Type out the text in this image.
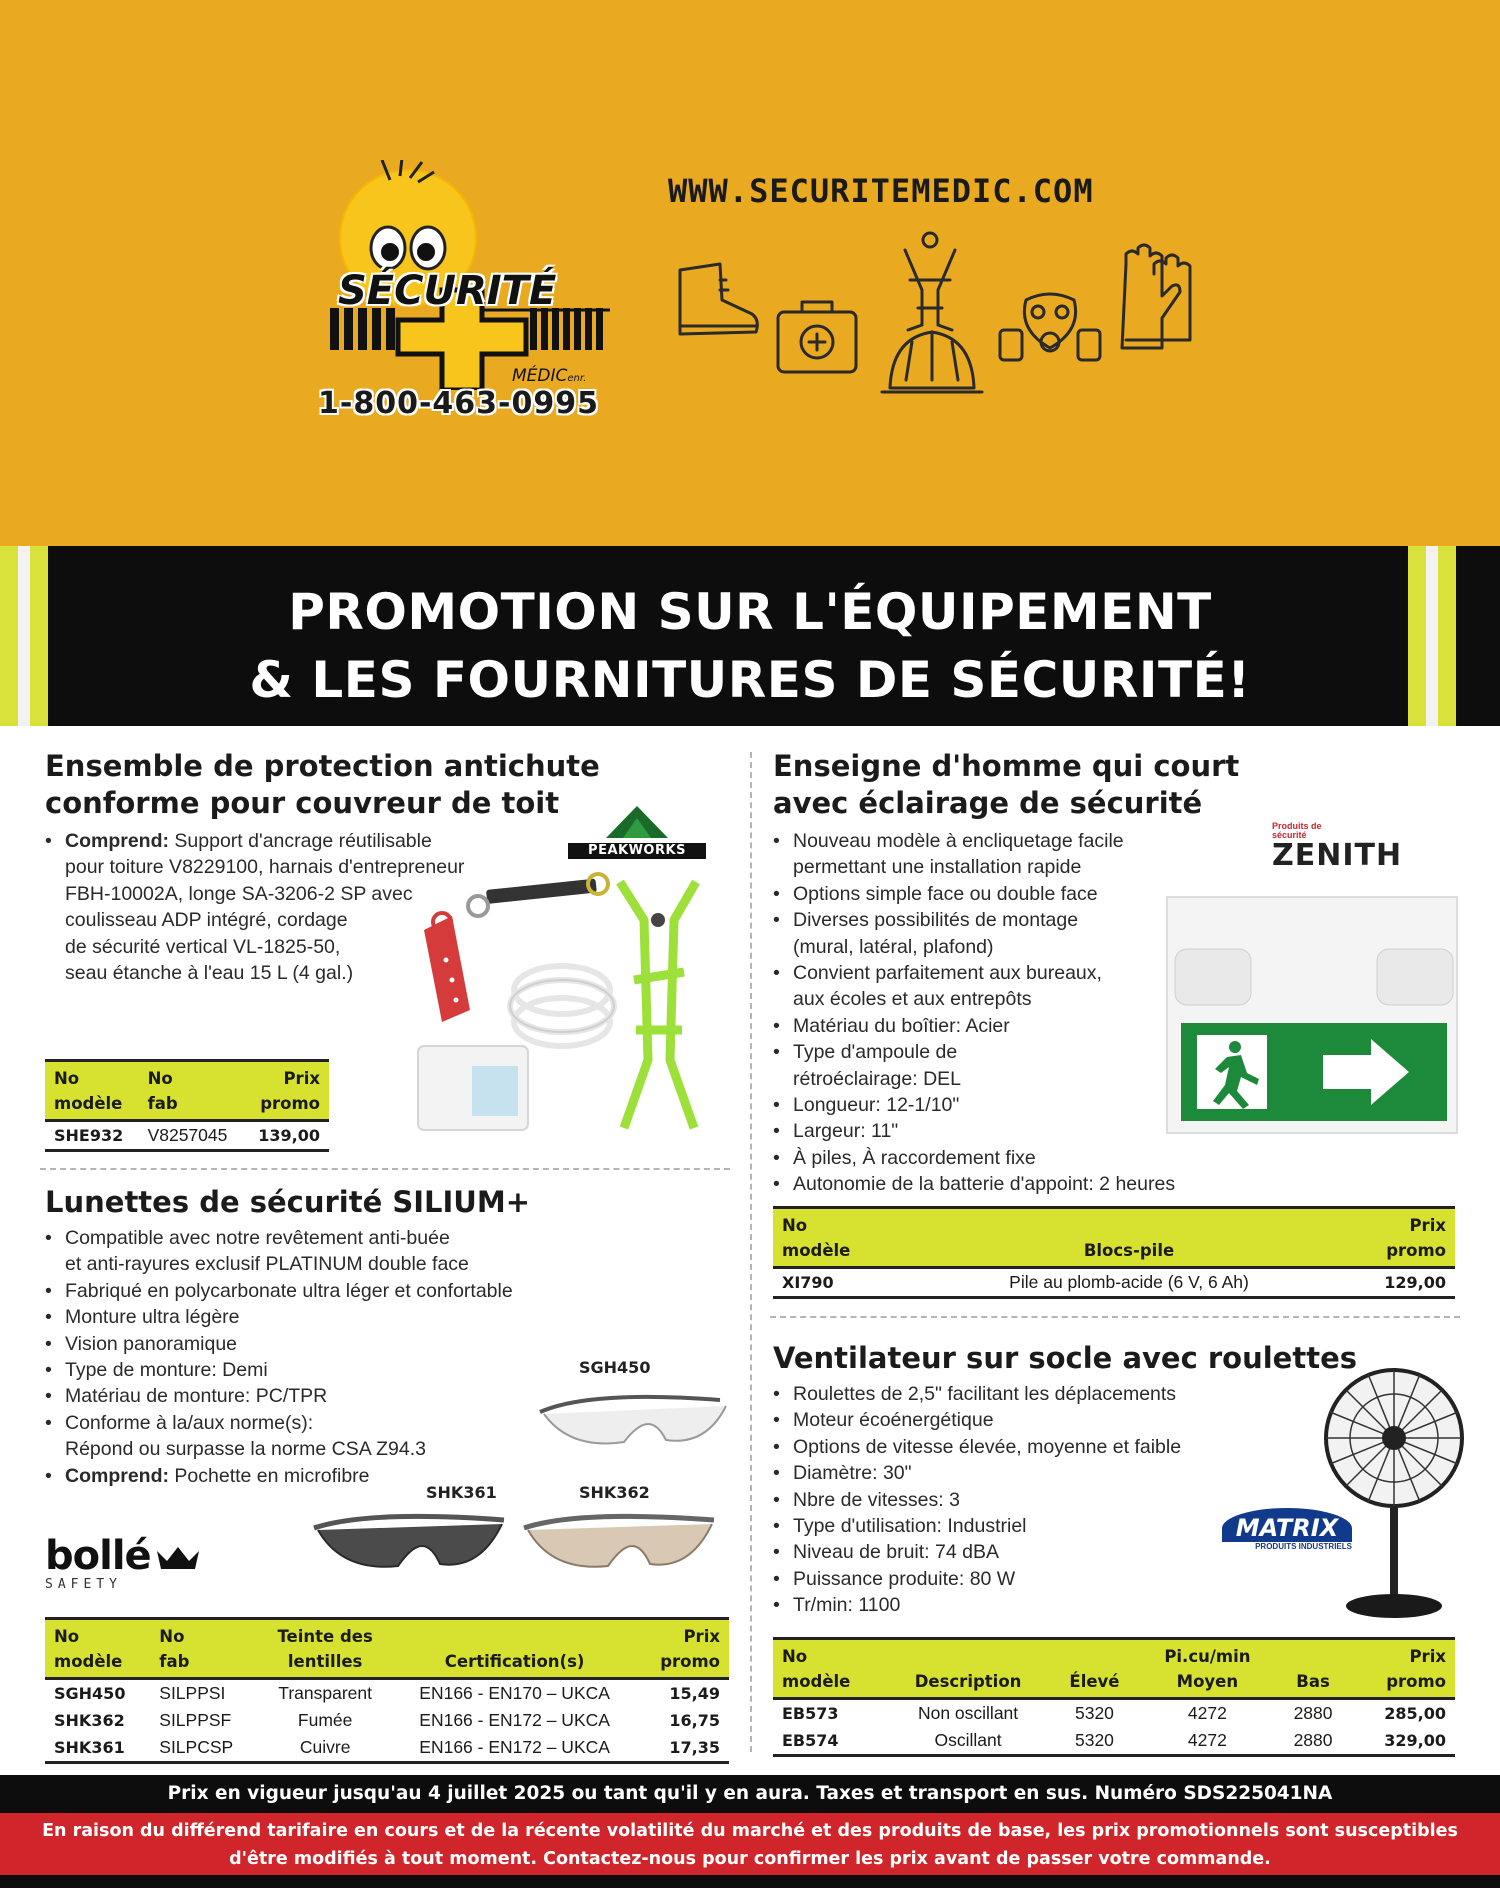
SÉCURITÉ
MÉDICenr.
1-800-463-0995
WWW.SECURITEMEDIC.COM
PROMOTION SUR L'ÉQUIPEMENT
& LES FOURNITURES DE SÉCURITÉ!
Ensemble de protection antichute
conforme pour couvreur de toit
• Comprend: Support d'ancrage réutilisable
pour toiture V8229100, harnais d'entrepreneur
FBH-10002A, longe SA-3206-2 SP avec
coulisseau ADP intégré, cordage
de sécurité vertical VL-1825-50,
seau étanche à l'eau 15 L (4 gal.)
PEAKWORKS
No
modèle	No
fab	Prix
promo
SHE932	V8257045	139,00
Enseigne d'homme qui court
avec éclairage de sécurité
• Nouveau modèle à encliquetage facile
permettant une installation rapide
• Options simple face ou double face
• Diverses possibilités de montage
(mural, latéral, plafond)
• Convient parfaitement aux bureaux,
aux écoles et aux entrepôts
• Matériau du boîtier: Acier
• Type d'ampoule de
rétroéclairage: DEL
• Longueur: 12-1/10"
• Largeur: 11"
• À piles, À raccordement fixe
• Autonomie de la batterie d'appoint: 2 heures
Produits de sécurité
ZENITH
No
modèle	Blocs-pile	Prix
promo
XI790	Pile au plomb-acide (6 V, 6 Ah)	129,00
Lunettes de sécurité SILIUM+
• Compatible avec notre revêtement anti-buée
et anti-rayures exclusif PLATINUM double face
• Fabriqué en polycarbonate ultra léger et confortable
• Monture ultra légère
• Vision panoramique
• Type de monture: Demi
• Matériau de monture: PC/TPR
• Conforme à la/aux norme(s):
Répond ou surpasse la norme CSA Z94.3
• Comprend: Pochette en microfibre
SGH450
SHK361	SHK362
bollé
SAFETY
No
modèle	No
fab	Teinte des
lentilles	Certification(s)	Prix
promo
SGH450	SILPPSI	Transparent	EN166 - EN170 – UKCA	15,49
SHK362	SILPPSF	Fumée	EN166 - EN172 – UKCA	16,75
SHK361	SILPCSP	Cuivre	EN166 - EN172 – UKCA	17,35
Ventilateur sur socle avec roulettes
• Roulettes de 2,5" facilitant les déplacements
• Moteur écoénergétique
• Options de vitesse élevée, moyenne et faible
• Diamètre: 30"
• Nbre de vitesses: 3
• Type d'utilisation: Industriel
• Niveau de bruit: 74 dBA
• Puissance produite: 80 W
• Tr/min: 1100
MATRIX
PRODUITS INDUSTRIELS
No
modèle	Description	Élevé	Pi.cu/min
Moyen	Bas	Prix
promo
EB573	Non oscillant	5320	4272	2880	285,00
EB574	Oscillant	5320	4272	2880	329,00
Prix en vigueur jusqu'au 4 juillet 2025 ou tant qu'il y en aura. Taxes et transport en sus. Numéro SDS225041NA
En raison du différend tarifaire en cours et de la récente volatilité du marché et des produits de base, les prix promotionnels sont susceptibles
d'être modifiés à tout moment. Contactez-nous pour confirmer les prix avant de passer votre commande.
